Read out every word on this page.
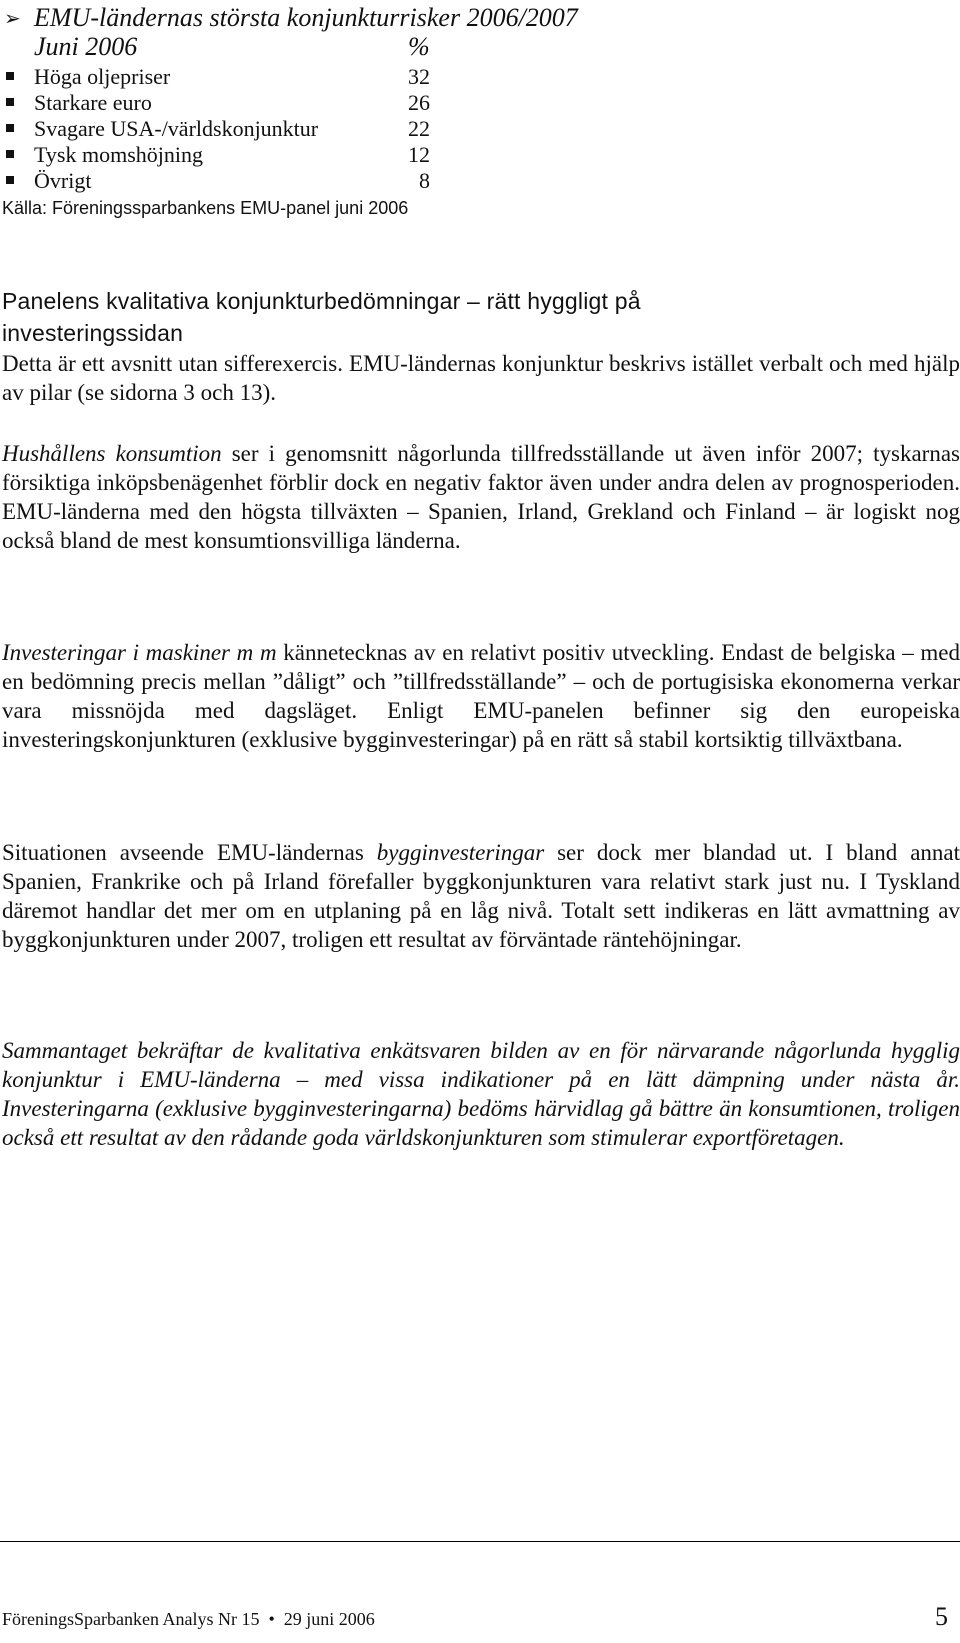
➢ EMU-ländernas största konjunkturrisker 2006/2007
Juni 2006	%
Höga oljepriser	32
Starkare euro	26
Svagare USA-/världskonjunktur	22
Tysk momshöjning	12
Övrigt	8
Källa: Föreningssparbankens EMU-panel juni 2006
Panelens kvalitativa konjunkturbedömningar – rätt hyggligt på investeringssidan
Detta är ett avsnitt utan sifferexercis. EMU-ländernas konjunktur beskrivs istället verbalt och med hjälp av pilar (se sidorna 3 och 13).
Hushållens konsumtion ser i genomsnitt någorlunda tillfredsställande ut även inför 2007; tyskarnas försiktiga inköpsbenägenhet förblir dock en negativ faktor även under andra delen av prognosperioden. EMU-länderna med den högsta tillväxten – Spanien, Irland, Grekland och Finland – är logiskt nog också bland de mest konsumtionsvilliga länderna.
Investeringar i maskiner m m kännetecknas av en relativt positiv utveckling. Endast de belgiska – med en bedömning precis mellan ”dåligt” och ”tillfredsställande” – och de portugisiska ekonomerna verkar vara missnöjda med dagsläget. Enligt EMU-panelen befinner sig den europeiska investeringskonjunkturen (exklusive bygginvesteringar) på en rätt så stabil kortsiktig tillväxtbana.
Situationen avseende EMU-ländernas bygginvesteringar ser dock mer blandad ut. I bland annat Spanien, Frankrike och på Irland förefaller byggkonjunkturen vara relativt stark just nu. I Tyskland däremot handlar det mer om en utplaning på en låg nivå. Totalt sett indikeras en lätt avmattning av byggkonjunkturen under 2007, troligen ett resultat av förväntade räntehöjningar.
Sammantaget bekräftar de kvalitativa enkätsvaren bilden av en för närvarande någorlunda hygglig konjunktur i EMU-länderna – med vissa indikationer på en lätt dämpning under nästa år. Investeringarna (exklusive bygginvesteringarna) bedöms härvidlag gå bättre än konsumtionen, troligen också ett resultat av den rådande goda världskonjunkturen som stimulerar exportföretagen.
FöreningsSparbanken Analys Nr 15 • 29 juni 2006	5
